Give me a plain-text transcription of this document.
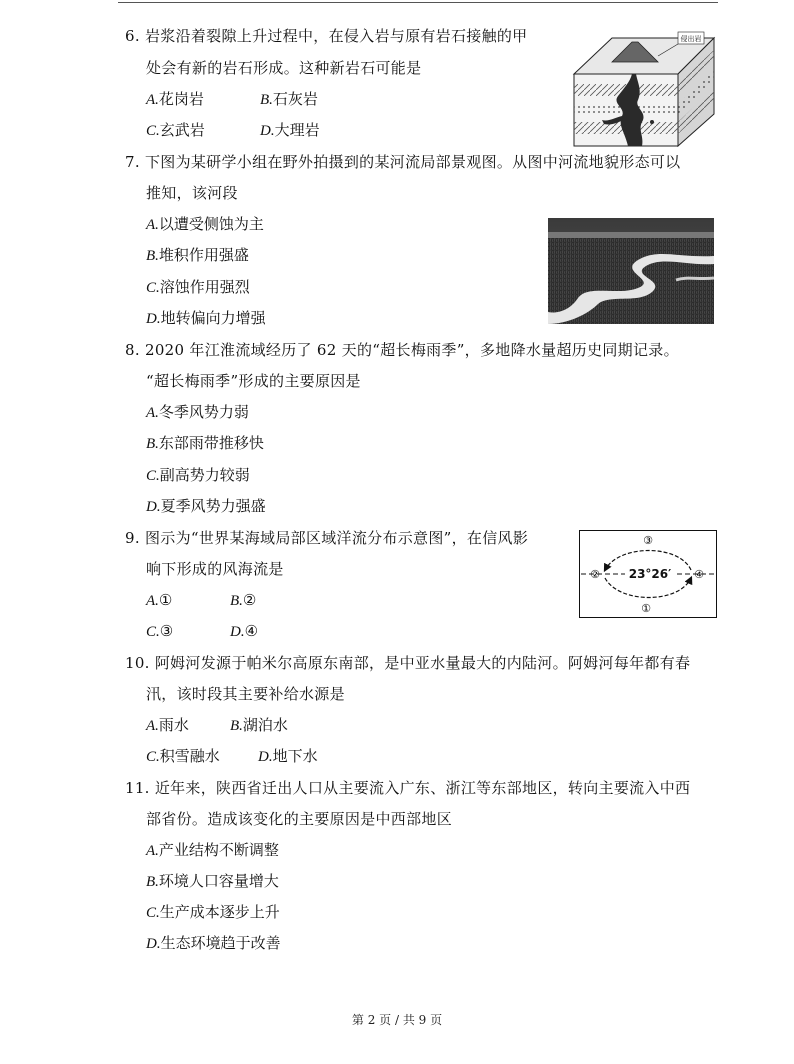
6. 岩浆沿着裂隙上升过程中，在侵入岩与原有岩石接触的甲
处会有新的岩石形成。这种新岩石可能是
A.花岗岩	B.石灰岩
C.玄武岩	D.大理岩
侵出岩
7. 下图为某研学小组在野外拍摄到的某河流局部景观图。从图中河流地貌形态可以
推知，该河段
A.以遭受侧蚀为主
B.堆积作用强盛
C.溶蚀作用强烈
D.地转偏向力增强
8. 2020 年江淮流域经历了 62 天的“超长梅雨季”，多地降水量超历史同期记录。
“超长梅雨季”形成的主要原因是
A.冬季风势力弱
B.东部雨带推移快
C.副高势力较弱
D.夏季风势力强盛
9. 图示为“世界某海域局部区域洋流分布示意图”，在信风影
响下形成的风海流是
A.①	B.②
C.③	D.④
23°26′
③
②	④
①
10. 阿姆河发源于帕米尔高原东南部，是中亚水量最大的内陆河。阿姆河每年都有春
汛，该时段其主要补给水源是
A.雨水	B.湖泊水
C.积雪融水	D.地下水
11. 近年来，陕西省迁出人口从主要流入广东、浙江等东部地区，转向主要流入中西
部省份。造成该变化的主要原因是中西部地区
A.产业结构不断调整
B.环境人口容量增大
C.生产成本逐步上升
D.生态环境趋于改善
第 2 页 / 共 9 页
